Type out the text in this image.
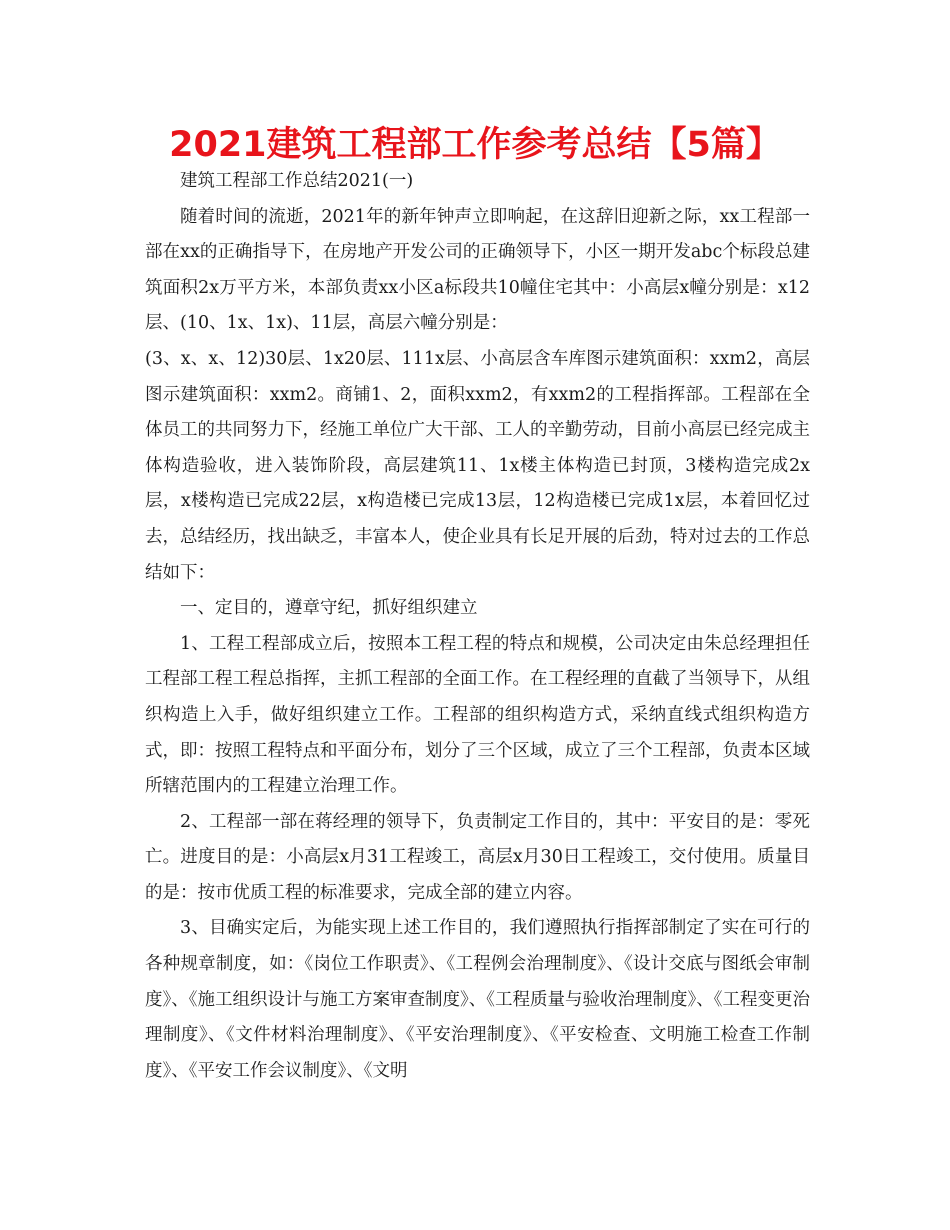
2021建筑工程部工作参考总结【5篇】

建筑工程部工作总结2021(一)

随着时间的流逝，2021年的新年钟声立即响起，在这辞旧迎新之际，xx工程部一部在xx的正确指导下，在房地产开发公司的正确领导下，小区一期开发abc个标段总建筑面积2x万平方米，本部负责xx小区a标段共10幢住宅其中：小高层x幢分别是：x12层、(10、1x、1x)、11层，高层六幢分别是：

(3、x、x、12)30层、1x20层、111x层、小高层含车库图示建筑面积：xxm2，高层图示建筑面积：xxm2。商铺1、2，面积xxm2，有xxm2的工程指挥部。工程部在全体员工的共同努力下，经施工单位广大干部、工人的辛勤劳动，目前小高层已经完成主体构造验收，进入装饰阶段，高层建筑11、1x楼主体构造已封顶，3楼构造完成2x层，x楼构造已完成22层，x构造楼已完成13层，12构造楼已完成1x层，本着回忆过去，总结经历，找出缺乏，丰富本人，使企业具有长足开展的后劲，特对过去的工作总结如下：

一、定目的，遵章守纪，抓好组织建立

1、工程工程部成立后，按照本工程工程的特点和规模，公司决定由朱总经理担任工程部工程工程总指挥，主抓工程部的全面工作。在工程经理的直截了当领导下，从组织构造上入手，做好组织建立工作。工程部的组织构造方式，采纳直线式组织构造方式，即：按照工程特点和平面分布，划分了三个区域，成立了三个工程部，负责本区域所辖范围内的工程建立治理工作。

2、工程部一部在蒋经理的领导下，负责制定工作目的，其中：平安目的是：零死亡。进度目的是：小高层x月31工程竣工，高层x月30日工程竣工，交付使用。质量目的是：按市优质工程的标准要求，完成全部的建立内容。

3、目确实定后，为能实现上述工作目的，我们遵照执行指挥部制定了实在可行的各种规章制度，如：《岗位工作职责》、《工程例会治理制度》、《设计交底与图纸会审制度》、《施工组织设计与施工方案审查制度》、《工程质量与验收治理制度》、《工程变更治理制度》、《文件材料治理制度》、《平安治理制度》、《平安检查、文明施工检查工作制度》、《平安工作会议制度》、《文明
